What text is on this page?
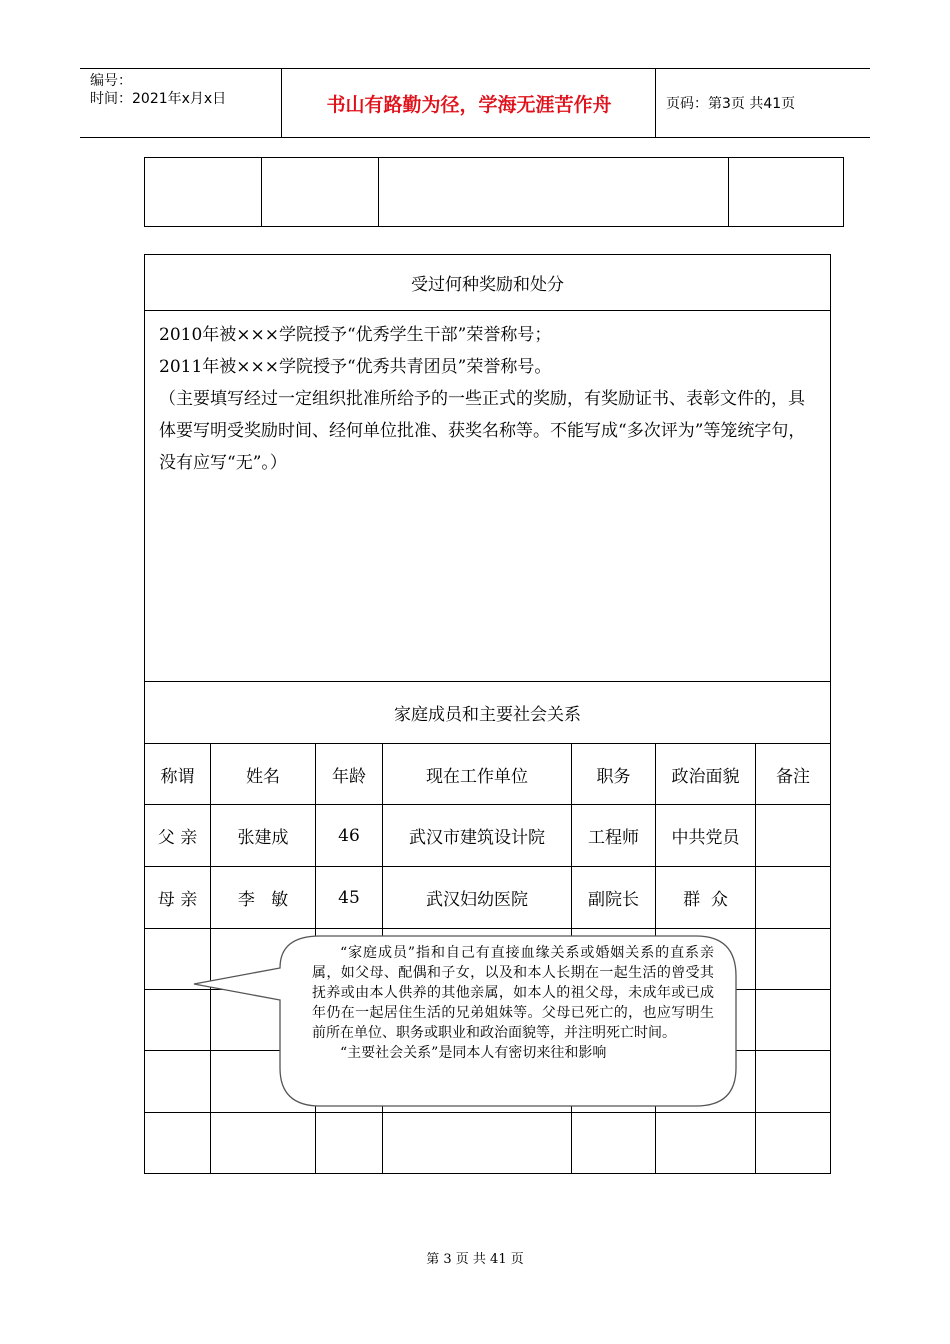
编号：
时间：2021年x月x日	书山有路勤为径，学海无涯苦作舟	页码：第3页 共41页

受过何种奖励和处分						

2010年被×××学院授予“优秀学生干部”荣誉称号；

2011年被×××学院授予“优秀共青团员”荣誉称号。

（主要填写经过一定组织批准所给予的一些正式的奖励，有奖励证书、表彰文件的，具体要写明受奖励时间、经何单位批准、获奖名称等。不能写成“多次评为”等笼统字句，没有应写“无”。）						

家庭成员和主要社会关系						
称谓	姓名	年龄	现在工作单位	职务	政治面貌	备注
父 亲	张建成	46	武汉市建筑设计院	工程师	中共党员	
母 亲	李   敏	45	武汉妇幼医院	副院长	群  众	

“家庭成员”指和自己有直接血缘关系或婚姻关系的直系亲属，如父母、配偶和子女，以及和本人长期在一起生活的曾受其抚养或由本人供养的其他亲属，如本人的祖父母，未成年或已成年仍在一起居住生活的兄弟姐妹等。父母已死亡的，也应写明生前所在单位、职务或职业和政治面貌等，并注明死亡时间。

“主要社会关系”是同本人有密切来往和影响

第 3 页 共 41 页
